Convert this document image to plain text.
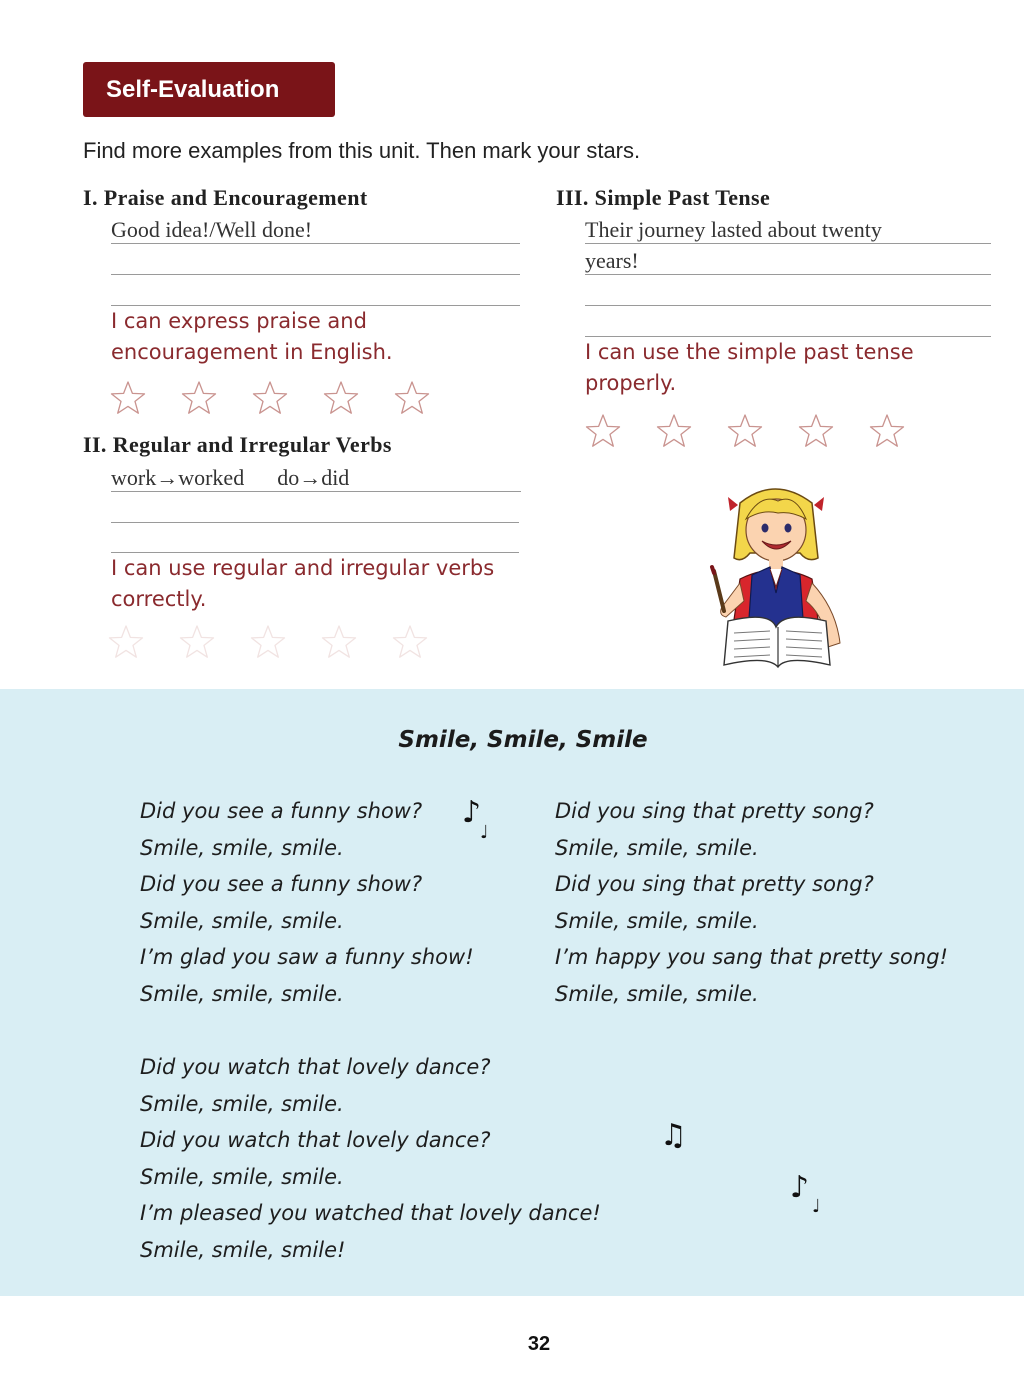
Self-Evaluation
Find more examples from this unit. Then mark your stars.
I. Praise and Encouragement
Good idea!/Well done!
I can express praise and
encouragement in English.
II. Regular and Irregular Verbs
work→worked      do→did
I can use regular and irregular verbs
correctly.
III. Simple Past Tense
Their journey lasted about twenty
years!
I can use the simple past tense
properly.
Smile, Smile, Smile
Did you see a funny show?
Smile, smile, smile.
Did you see a funny show?
Smile, smile, smile.
I’m glad you saw a funny show!
Smile, smile, smile.
Did you sing that pretty song?
Smile, smile, smile.
Did you sing that pretty song?
Smile, smile, smile.
I’m happy you sang that pretty song!
Smile, smile, smile.
Did you watch that lovely dance?
Smile, smile, smile.
Did you watch that lovely dance?
Smile, smile, smile.
I’m pleased you watched that lovely dance!
Smile, smile, smile!
♪
♩
♫
♪
♩
32
